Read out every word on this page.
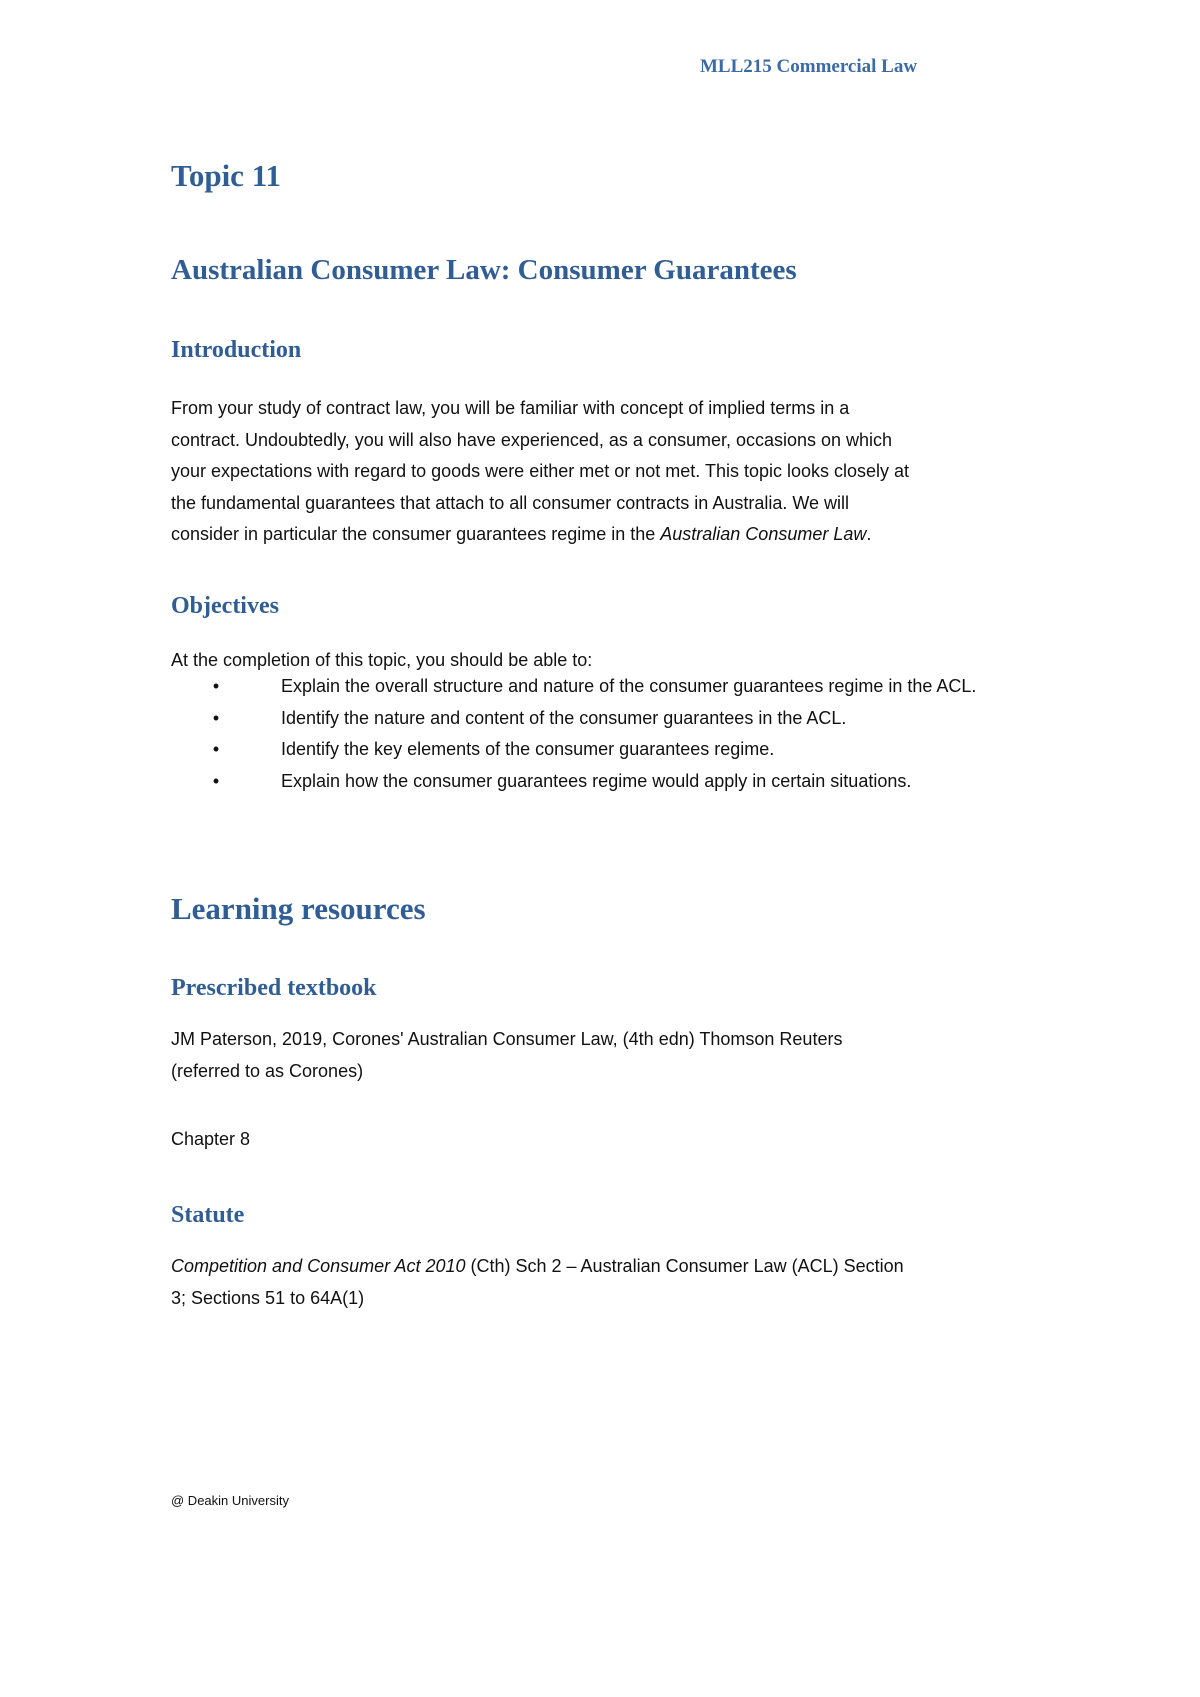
MLL215 Commercial Law
Topic 11
Australian Consumer Law: Consumer Guarantees
Introduction

From your study of contract law, you will be familiar with concept of implied terms in a
contract. Undoubtedly, you will also have experienced, as a consumer, occasions on which
your expectations with regard to goods were either met or not met. This topic looks closely at
the fundamental guarantees that attach to all consumer contracts in Australia. We will
consider in particular the consumer guarantees regime in the Australian Consumer Law.

Objectives

At the completion of this topic, you should be able to:

•	Explain the overall structure and nature of the consumer guarantees regime in the ACL.
•	Identify the nature and content of the consumer guarantees in the ACL.
•	Identify the key elements of the consumer guarantees regime.
•	Explain how the consumer guarantees regime would apply in certain situations.
Learning resources
Prescribed textbook

JM Paterson, 2019, Corones' Australian Consumer Law, (4th edn) Thomson Reuters
(referred to as Corones)

Chapter 8

Statute

Competition and Consumer Act 2010 (Cth) Sch 2 – Australian Consumer Law (ACL) Section
3; Sections 51 to 64A(1)

@ Deakin University
